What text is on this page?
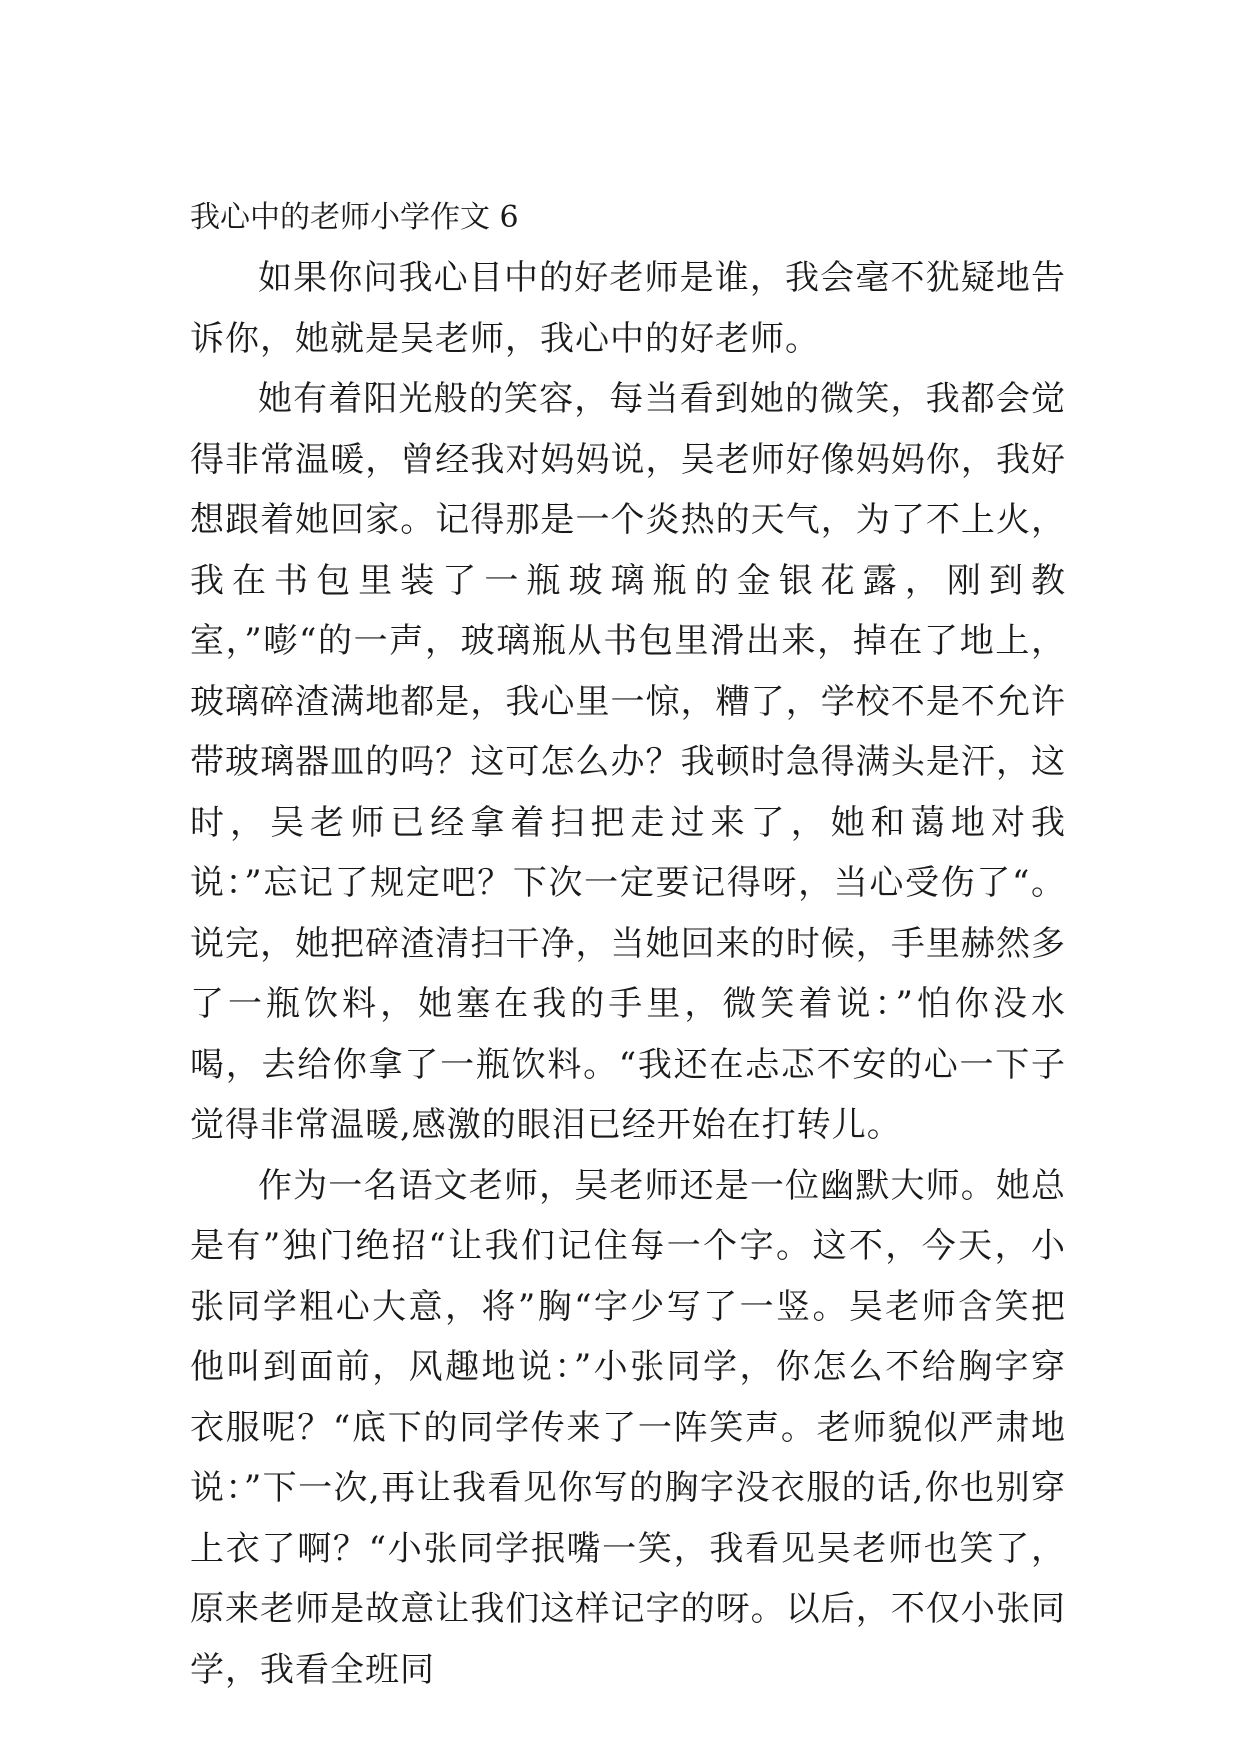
我心中的老师小学作文 6

如果你问我心目中的好老师是谁，我会毫不犹疑地告诉你，她就是吴老师，我心中的好老师。

她有着阳光般的笑容，每当看到她的微笑，我都会觉得非常温暖，曾经我对妈妈说，吴老师好像妈妈你，我好想跟着她回家。记得那是一个炎热的天气，为了不上火，我在书包里装了一瓶玻璃瓶的金银花露，刚到教室，”嘭“的一声，玻璃瓶从书包里滑出来，掉在了地上，玻璃碎渣满地都是，我心里一惊，糟了，学校不是不允许带玻璃器皿的吗？这可怎么办？我顿时急得满头是汗，这时，吴老师已经拿着扫把走过来了，她和蔼地对我说：”忘记了规定吧？下次一定要记得呀，当心受伤了“。说完，她把碎渣清扫干净，当她回来的时候，手里赫然多了一瓶饮料，她塞在我的手里，微笑着说：”怕你没水喝，去给你拿了一瓶饮料。“我还在忐忑不安的心一下子觉得非常温暖,感激的眼泪已经开始在打转儿。

作为一名语文老师，吴老师还是一位幽默大师。她总是有”独门绝招“让我们记住每一个字。这不，今天，小张同学粗心大意，将”胸“字少写了一竖。吴老师含笑把他叫到面前，风趣地说：”小张同学，你怎么不给胸字穿衣服呢？“底下的同学传来了一阵笑声。老师貌似严肃地说：”下一次,再让我看见你写的胸字没衣服的话,你也别穿上衣了啊？“小张同学抿嘴一笑，我看见吴老师也笑了，原来老师是故意让我们这样记字的呀。以后，不仅小张同学，我看全班同
